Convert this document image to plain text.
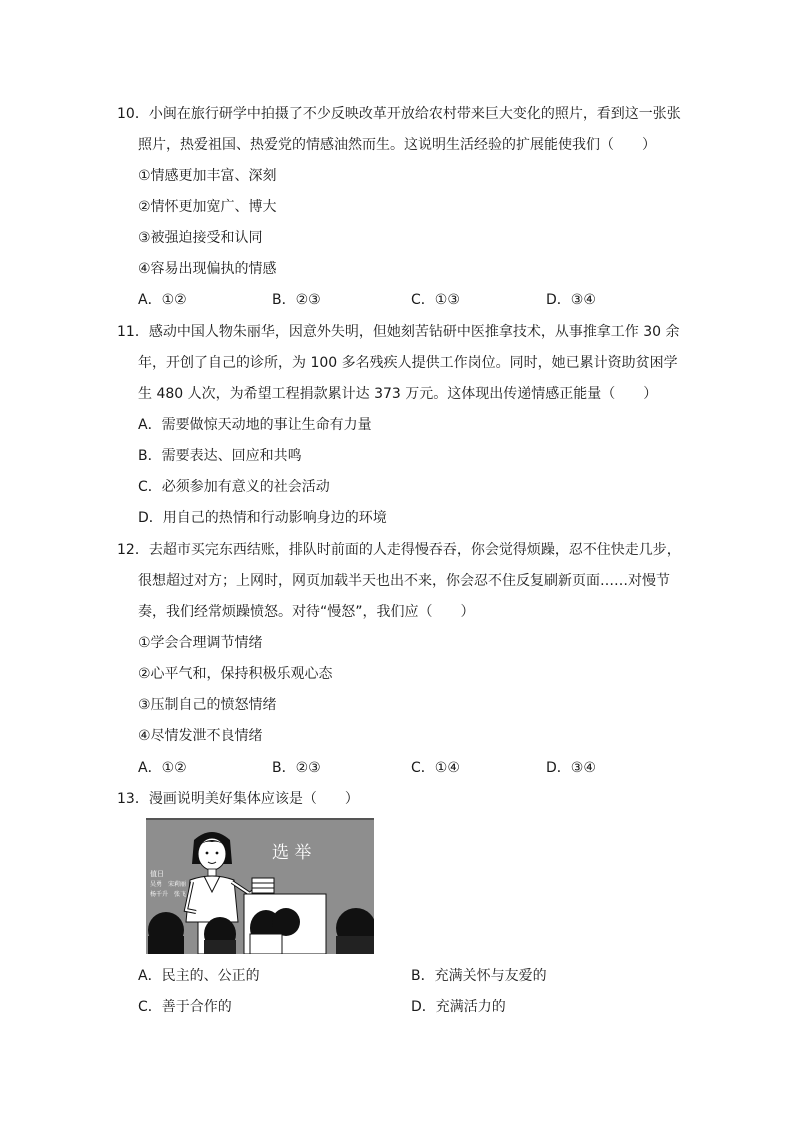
10．小闽在旅行研学中拍摄了不少反映改革开放给农村带来巨大变化的照片，看到这一张张
照片，热爱祖国、热爱党的情感油然而生。这说明生活经验的扩展能使我们（　　）
①情感更加丰富、深刻
②情怀更加宽广、博大
③被强迫接受和认同
④容易出现偏执的情感
A．①②	B．②③	C．①③	D．③④
11．感动中国人物朱丽华，因意外失明，但她刻苦钻研中医推拿技术，从事推拿工作 30 余
年，开创了自己的诊所，为 100 多名残疾人提供工作岗位。同时，她已累计资助贫困学
生 480 人次，为希望工程捐款累计达 373 万元。这体现出传递情感正能量（　　）
A．需要做惊天动地的事让生命有力量
B．需要表达、回应和共鸣
C．必须参加有意义的社会活动
D．用自己的热情和行动影响身边的环境
12．去超市买完东西结账，排队时前面的人走得慢吞吞，你会觉得烦躁，忍不住快走几步，
很想超过对方；上网时，网页加载半天也出不来，你会忍不住反复刷新页面……对慢节
奏，我们经常烦躁愤怒。对待“慢怒”，我们应（　　）
①学会合理调节情绪
②心平气和，保持积极乐观心态
③压制自己的愤怒情绪
④尽情发泄不良情绪
A．①②	B．②③	C．①④	D．③④
13．漫画说明美好集体应该是（　　）
选 举
值日
吴勇　宋莉丽
杨千升　张飞
A．民主的、公正的	B．充满关怀与友爱的
C．善于合作的	D．充满活力的
